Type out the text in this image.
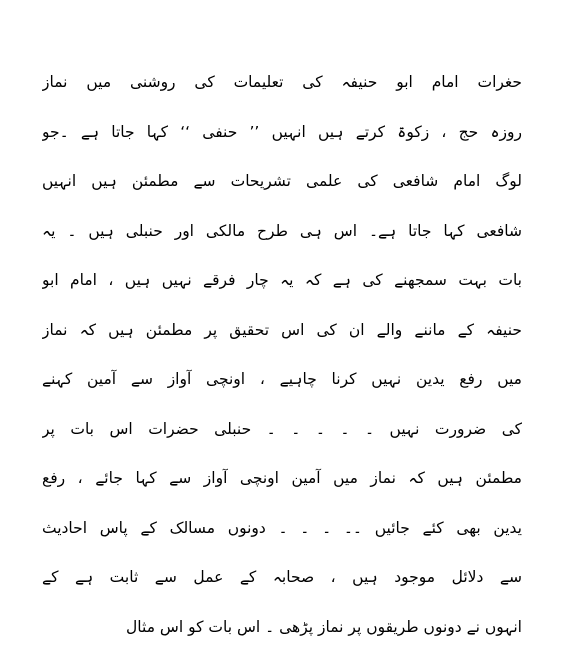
حغرات امام ابو حنیفہ کی تعلیمات کی روشنی میں نماز
روزہ حج ، زکوۃ کرتے ہیں انہیں ’’ حنفی ‘‘ کہا جاتا ہے ۔جو
لوگ امام شافعی کی علمی تشریحات سے مطمئن ہیں انہیں
شافعی کہا جاتا ہے۔ اس ہی طرح مالکی اور حنبلی ہیں ۔ یہ
بات بہت سمجھنے کی ہے کہ یہ چار فرقے نہیں ہیں ، امام ابو
حنیفہ کے ماننے والے ان کی اس تحقیق پر مطمئن ہیں کہ نماز
میں رفع یدین نہیں کرنا چاہیے ، اونچی آواز سے آمین کہنے
کی ضرورت نہیں ۔ ۔ ۔ ۔ ۔ حنبلی حضرات اس بات پر
مطمئن ہیں کہ نماز میں آمین اونچی آواز سے کہا جائے ، رفع
یدین بھی کئے جائیں ۔۔ ۔ ۔ ۔ دونوں مسالک کے پاس احادیث
سے دلائل موجود ہیں ، صحابہ کے عمل سے ثابت ہے کے
انہوں نے دونوں طریقوں پر نماز پڑھی ۔ اس بات کو اس مثال
